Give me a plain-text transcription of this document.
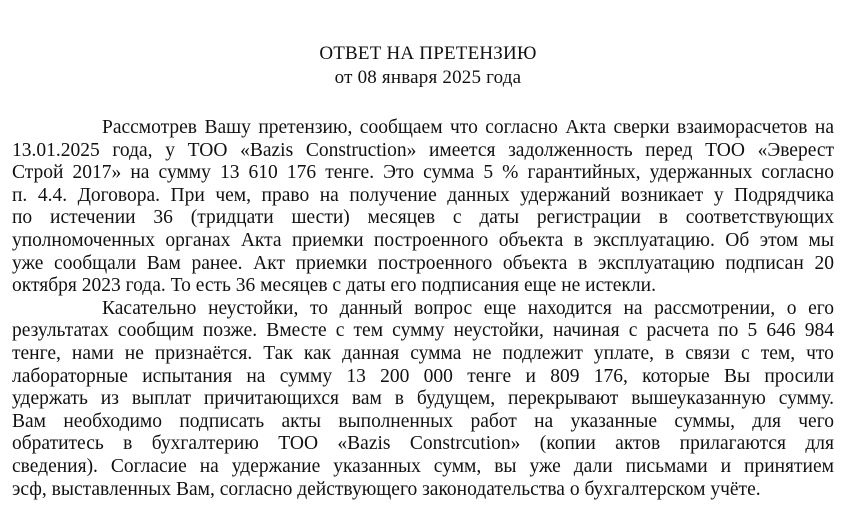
ОТВЕТ НА ПРЕТЕНЗИЮ
от 08 января 2025 года
Рассмотрев Вашу претензию, сообщаем что согласно Акта сверки взаиморасчетов на
13.01.2025 года, у ТОО «Bazis Construction» имеется задолженность перед ТОО «Эверест
Строй 2017» на сумму 13 610 176 тенге. Это сумма 5 % гарантийных, удержанных согласно
п. 4.4. Договора. При чем, право на получение данных удержаний возникает у Подрядчика
по истечении 36 (тридцати шести) месяцев с даты регистрации в соответствующих
уполномоченных органах Акта приемки построенного объекта в эксплуатацию. Об этом мы
уже сообщали Вам ранее. Акт приемки построенного объекта в эксплуатацию подписан 20
октября 2023 года. То есть 36 месяцев с даты его подписания еще не истекли.
Касательно неустойки, то данный вопрос еще находится на рассмотрении, о его
результатах сообщим позже. Вместе с тем сумму неустойки, начиная с расчета по 5 646 984
тенге, нами не признаётся. Так как данная сумма не подлежит уплате, в связи с тем, что
лабораторные испытания на сумму 13 200 000 тенге и 809 176, которые Вы просили
удержать из выплат причитающихся вам в будущем, перекрывают вышеуказанную сумму.
Вам необходимо подписать акты выполненных работ на указанные суммы, для чего
обратитесь в бухгалтерию ТОО «Bazis Constrcution» (копии актов прилагаются для
сведения). Согласие на удержание указанных сумм, вы уже дали письмами и принятием
эсф, выставленных Вам, согласно действующего законодательства о бухгалтерском учёте.
